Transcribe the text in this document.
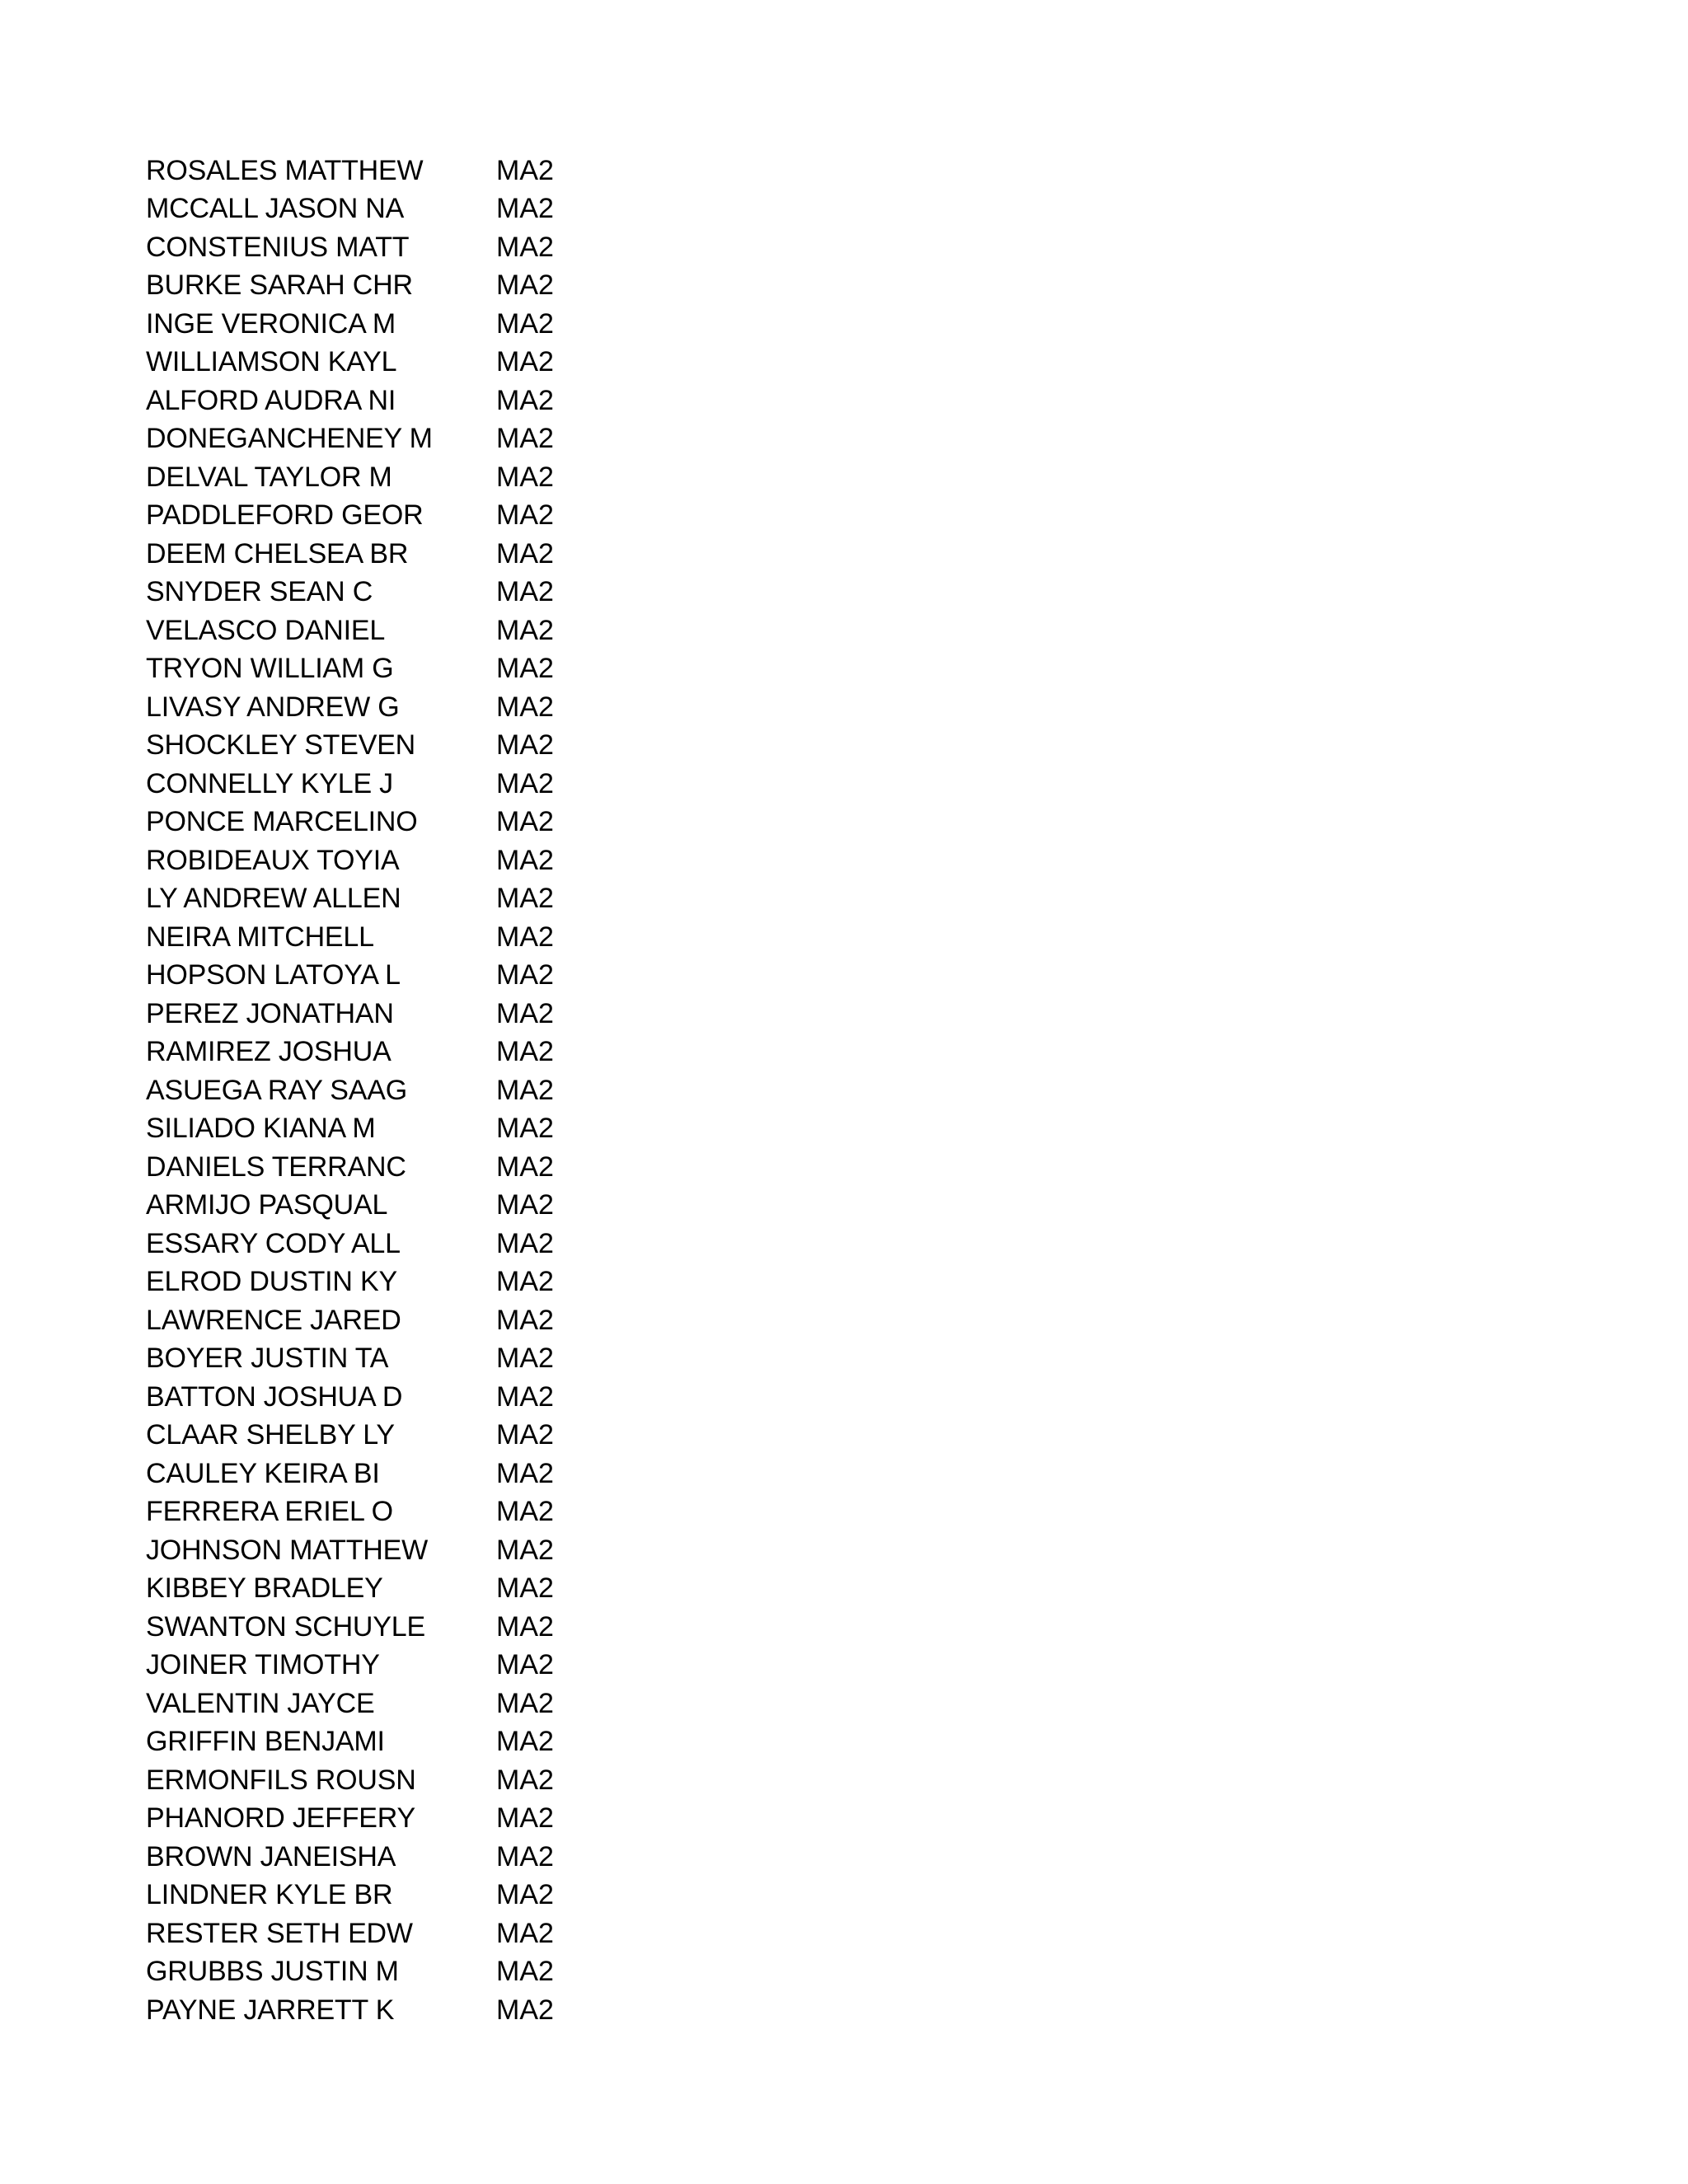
ROSALES MATTHEW	MA2
MCCALL JASON NA	MA2
CONSTENIUS MATT	MA2
BURKE SARAH CHR	MA2
INGE VERONICA M	MA2
WILLIAMSON KAYL	MA2
ALFORD AUDRA NI	MA2
DONEGANCHENEY M	MA2
DELVAL TAYLOR M	MA2
PADDLEFORD GEOR	MA2
DEEM CHELSEA BR	MA2
SNYDER SEAN C	MA2
VELASCO DANIEL	MA2
TRYON WILLIAM G	MA2
LIVASY ANDREW G	MA2
SHOCKLEY STEVEN	MA2
CONNELLY KYLE J	MA2
PONCE MARCELINO	MA2
ROBIDEAUX TOYIA	MA2
LY ANDREW ALLEN	MA2
NEIRA MITCHELL	MA2
HOPSON LATOYA L	MA2
PEREZ JONATHAN	MA2
RAMIREZ JOSHUA	MA2
ASUEGA RAY SAAG	MA2
SILIADO KIANA M	MA2
DANIELS TERRANC	MA2
ARMIJO PASQUAL	MA2
ESSARY CODY ALL	MA2
ELROD DUSTIN KY	MA2
LAWRENCE JARED	MA2
BOYER JUSTIN TA	MA2
BATTON JOSHUA D	MA2
CLAAR SHELBY LY	MA2
CAULEY KEIRA BI	MA2
FERRERA ERIEL O	MA2
JOHNSON MATTHEW	MA2
KIBBEY BRADLEY	MA2
SWANTON SCHUYLE	MA2
JOINER TIMOTHY	MA2
VALENTIN JAYCE	MA2
GRIFFIN BENJAMI	MA2
ERMONFILS ROUSN	MA2
PHANORD JEFFERY	MA2
BROWN JANEISHA	MA2
LINDNER KYLE BR	MA2
RESTER SETH EDW	MA2
GRUBBS JUSTIN M	MA2
PAYNE JARRETT K	MA2
